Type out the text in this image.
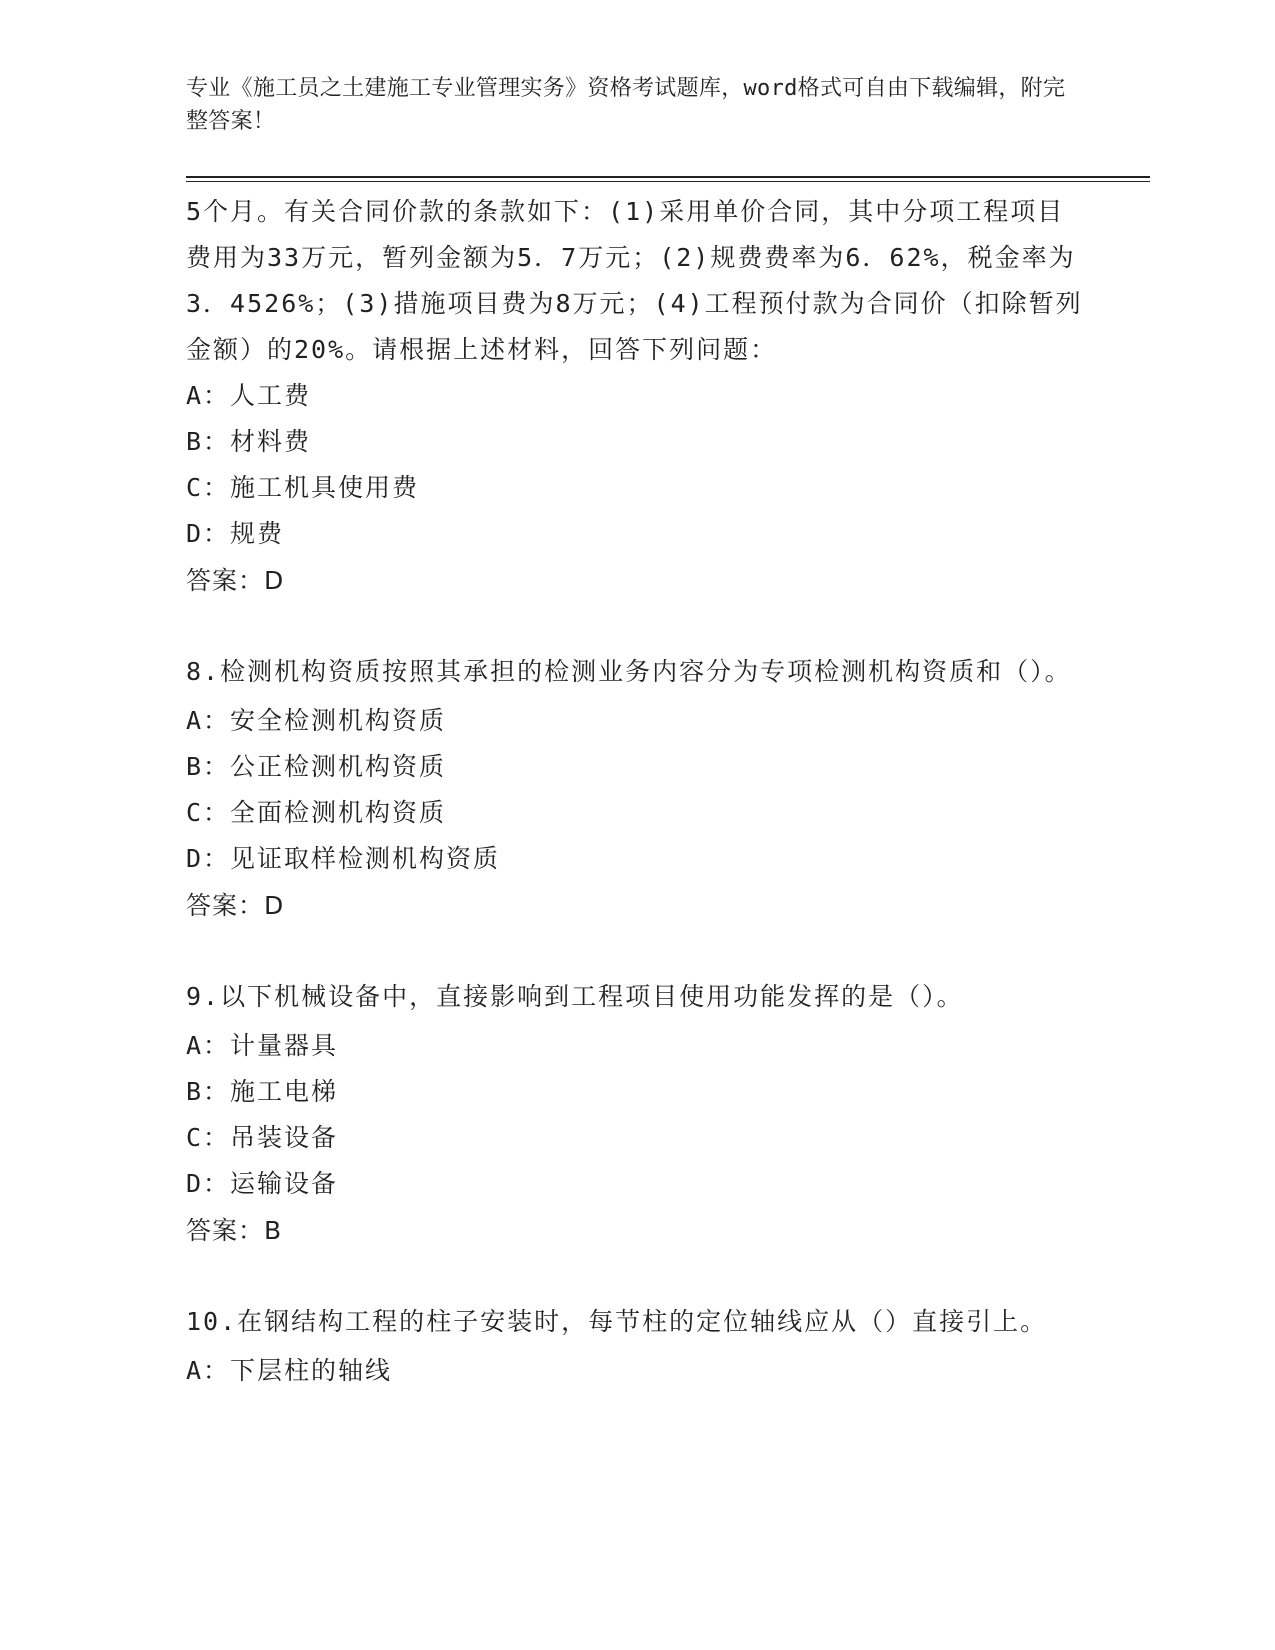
专业《施工员之土建施工专业管理实务》资格考试题库，word格式可自由下载编辑，附完整答案！
5个月。有关合同价款的条款如下：(1)采用单价合同，其中分项工程项目费用为33万元，暂列金额为5．7万元；(2)规费费率为6．62%，税金率为3．4526%；(3)措施项目费为8万元；(4)工程预付款为合同价（扣除暂列金额）的20%。请根据上述材料，回答下列问题：
A：人工费
B：材料费
C：施工机具使用费
D：规费
答案：D
8.检测机构资质按照其承担的检测业务内容分为专项检测机构资质和（）。
A：安全检测机构资质
B：公正检测机构资质
C：全面检测机构资质
D：见证取样检测机构资质
答案：D
9.以下机械设备中，直接影响到工程项目使用功能发挥的是（）。
A：计量器具
B：施工电梯
C：吊装设备
D：运输设备
答案：B
10.在钢结构工程的柱子安装时，每节柱的定位轴线应从（）直接引上。
A：下层柱的轴线
